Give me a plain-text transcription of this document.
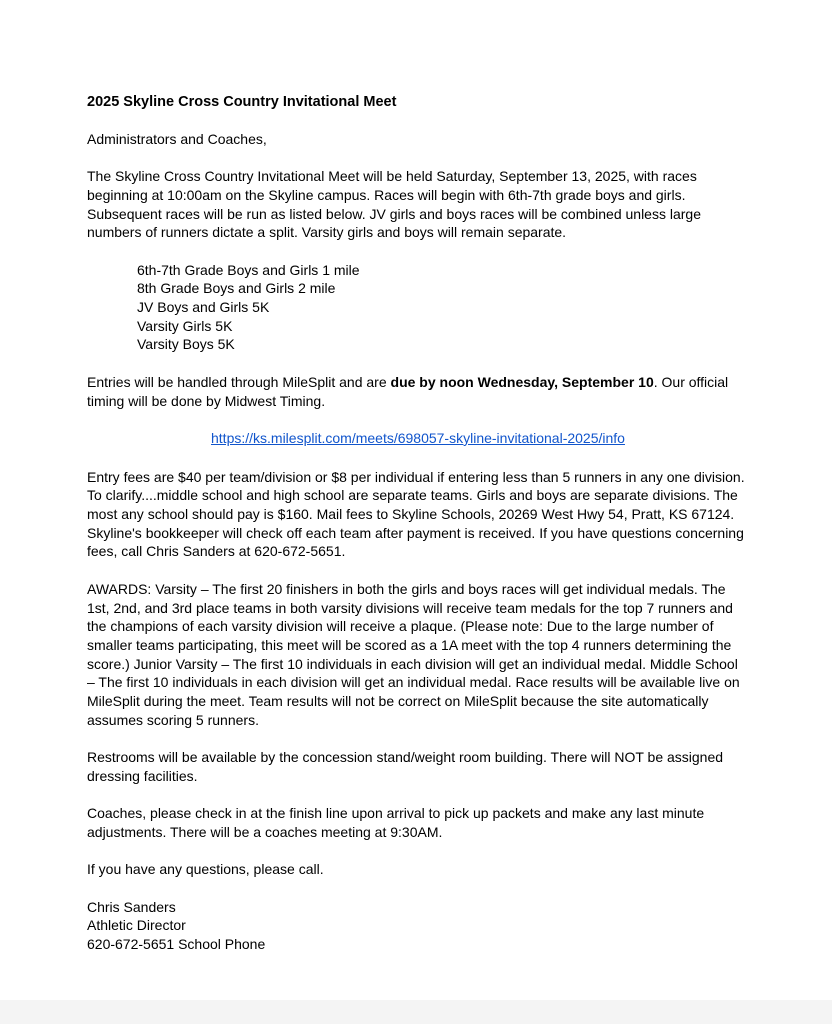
2025 Skyline Cross Country Invitational Meet

Administrators and Coaches,

The Skyline Cross Country Invitational Meet will be held Saturday, September 13, 2025, with races beginning at 10:00am on the Skyline campus. Races will begin with 6th-7th grade boys and girls. Subsequent races will be run as listed below. JV girls and boys races will be combined unless large numbers of runners dictate a split. Varsity girls and boys will remain separate.

6th-7th Grade Boys and Girls 1 mile
8th Grade Boys and Girls 2 mile
JV Boys and Girls 5K
Varsity Girls 5K
Varsity Boys 5K

Entries will be handled through MileSplit and are due by noon Wednesday, September 10. Our official timing will be done by Midwest Timing.

https://ks.milesplit.com/meets/698057-skyline-invitational-2025/info

Entry fees are $40 per team/division or $8 per individual if entering less than 5 runners in any one division. To clarify....middle school and high school are separate teams. Girls and boys are separate divisions. The most any school should pay is $160. Mail fees to Skyline Schools, 20269 West Hwy 54, Pratt, KS 67124. Skyline's bookkeeper will check off each team after payment is received. If you have questions concerning fees, call Chris Sanders at 620-672-5651.

AWARDS: Varsity – The first 20 finishers in both the girls and boys races will get individual medals. The 1st, 2nd, and 3rd place teams in both varsity divisions will receive team medals for the top 7 runners and the champions of each varsity division will receive a plaque. (Please note: Due to the large number of smaller teams participating, this meet will be scored as a 1A meet with the top 4 runners determining the score.) Junior Varsity – The first 10 individuals in each division will get an individual medal. Middle School – The first 10 individuals in each division will get an individual medal. Race results will be available live on MileSplit during the meet. Team results will not be correct on MileSplit because the site automatically assumes scoring 5 runners.

Restrooms will be available by the concession stand/weight room building. There will NOT be assigned dressing facilities.

Coaches, please check in at the finish line upon arrival to pick up packets and make any last minute adjustments. There will be a coaches meeting at 9:30AM.

If you have any questions, please call.

Chris Sanders
Athletic Director
620-672-5651 School Phone
